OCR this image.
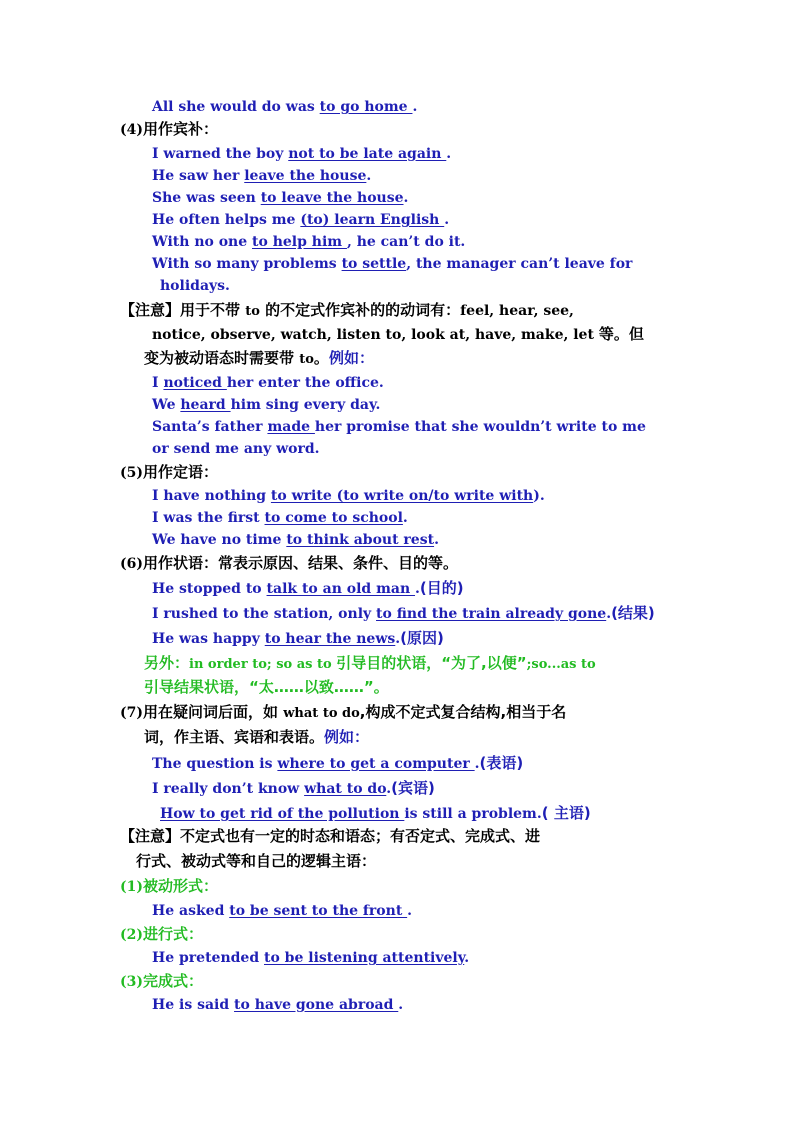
All she would do was to go home .
(4)用作宾补：
I warned the boy not to be late again .
He saw her leave the house.
She was seen to leave the house.
He often helps me (to) learn English .
With no one to help him , he can’t do it.
With so many problems to settle, the manager can’t leave for
holidays.
【注意】用于不带 to 的不定式作宾补的的动词有：feel, hear, see,
notice, observe, watch, listen to, look at, have, make, let 等。但
变为被动语态时需要带 to。例如：
I noticed her enter the office.
We heard him sing every day.
Santa’s father made her promise that she wouldn’t write to me
or send me any word.
(5)用作定语：
I have nothing to write (to write on/to write with).
I was the first to come to school.
We have no time to think about rest.
(6)用作状语：常表示原因、结果、条件、目的等。
He stopped to talk to an old man .(目的)
I rushed to the station, only to find the train already gone.(结果)
He was happy to hear the news.(原因)
另外：in order to; so as to 引导目的状语，“为了,以便”;so...as to
引导结果状语，“太……以致……”。
(7)用在疑问词后面，如 what to do,构成不定式复合结构,相当于名
词，作主语、宾语和表语。例如：
The question is where to get a computer .(表语)
I really don’t know what to do.(宾语)
How to get rid of the pollution is still a problem.( 主语)
【注意】不定式也有一定的时态和语态；有否定式、完成式、进
行式、被动式等和自己的逻辑主语：
(1)被动形式：
He asked to be sent to the front .
(2)进行式：
He pretended to be listening attentively.
(3)完成式：
He is said to have gone abroad .
